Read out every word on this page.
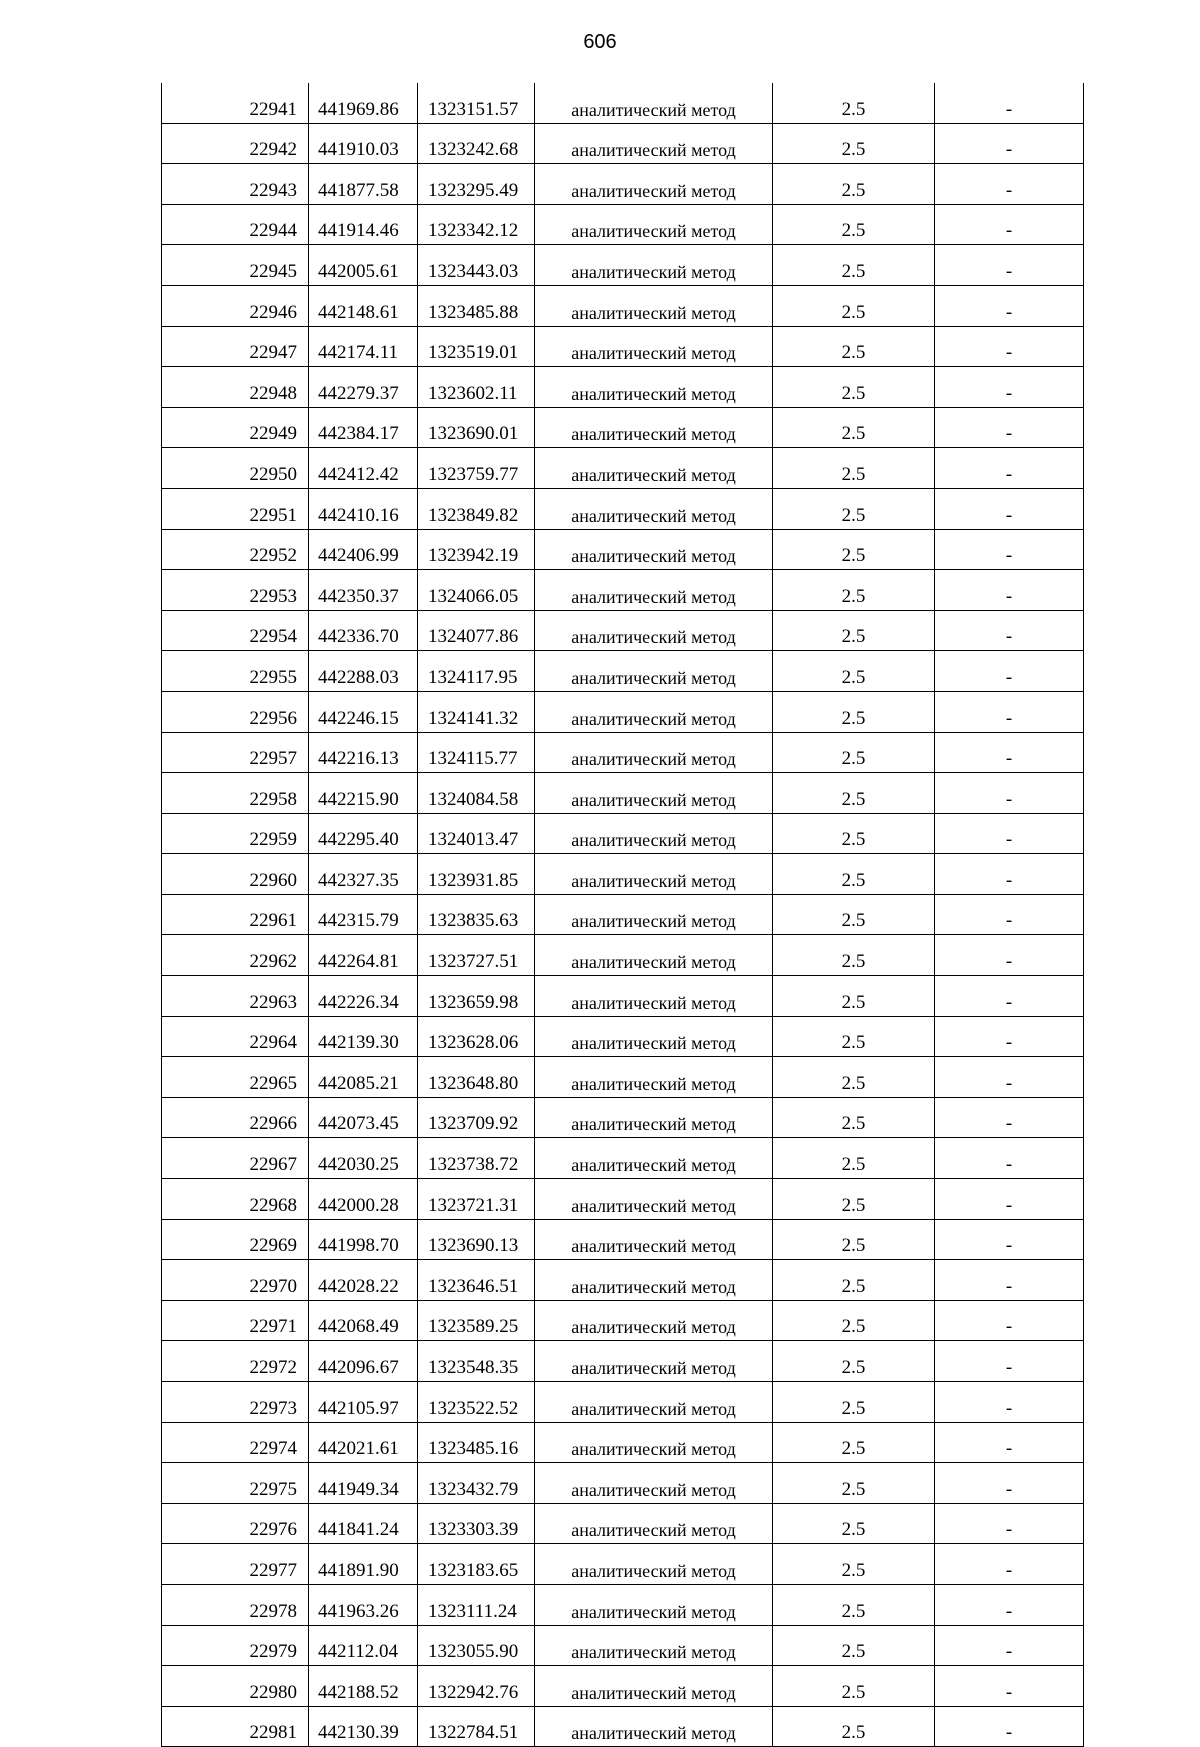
606
22941	441969.86	1323151.57	аналитический метод	2.5	-
22942	441910.03	1323242.68	аналитический метод	2.5	-
22943	441877.58	1323295.49	аналитический метод	2.5	-
22944	441914.46	1323342.12	аналитический метод	2.5	-
22945	442005.61	1323443.03	аналитический метод	2.5	-
22946	442148.61	1323485.88	аналитический метод	2.5	-
22947	442174.11	1323519.01	аналитический метод	2.5	-
22948	442279.37	1323602.11	аналитический метод	2.5	-
22949	442384.17	1323690.01	аналитический метод	2.5	-
22950	442412.42	1323759.77	аналитический метод	2.5	-
22951	442410.16	1323849.82	аналитический метод	2.5	-
22952	442406.99	1323942.19	аналитический метод	2.5	-
22953	442350.37	1324066.05	аналитический метод	2.5	-
22954	442336.70	1324077.86	аналитический метод	2.5	-
22955	442288.03	1324117.95	аналитический метод	2.5	-
22956	442246.15	1324141.32	аналитический метод	2.5	-
22957	442216.13	1324115.77	аналитический метод	2.5	-
22958	442215.90	1324084.58	аналитический метод	2.5	-
22959	442295.40	1324013.47	аналитический метод	2.5	-
22960	442327.35	1323931.85	аналитический метод	2.5	-
22961	442315.79	1323835.63	аналитический метод	2.5	-
22962	442264.81	1323727.51	аналитический метод	2.5	-
22963	442226.34	1323659.98	аналитический метод	2.5	-
22964	442139.30	1323628.06	аналитический метод	2.5	-
22965	442085.21	1323648.80	аналитический метод	2.5	-
22966	442073.45	1323709.92	аналитический метод	2.5	-
22967	442030.25	1323738.72	аналитический метод	2.5	-
22968	442000.28	1323721.31	аналитический метод	2.5	-
22969	441998.70	1323690.13	аналитический метод	2.5	-
22970	442028.22	1323646.51	аналитический метод	2.5	-
22971	442068.49	1323589.25	аналитический метод	2.5	-
22972	442096.67	1323548.35	аналитический метод	2.5	-
22973	442105.97	1323522.52	аналитический метод	2.5	-
22974	442021.61	1323485.16	аналитический метод	2.5	-
22975	441949.34	1323432.79	аналитический метод	2.5	-
22976	441841.24	1323303.39	аналитический метод	2.5	-
22977	441891.90	1323183.65	аналитический метод	2.5	-
22978	441963.26	1323111.24	аналитический метод	2.5	-
22979	442112.04	1323055.90	аналитический метод	2.5	-
22980	442188.52	1322942.76	аналитический метод	2.5	-
22981	442130.39	1322784.51	аналитический метод	2.5	-
